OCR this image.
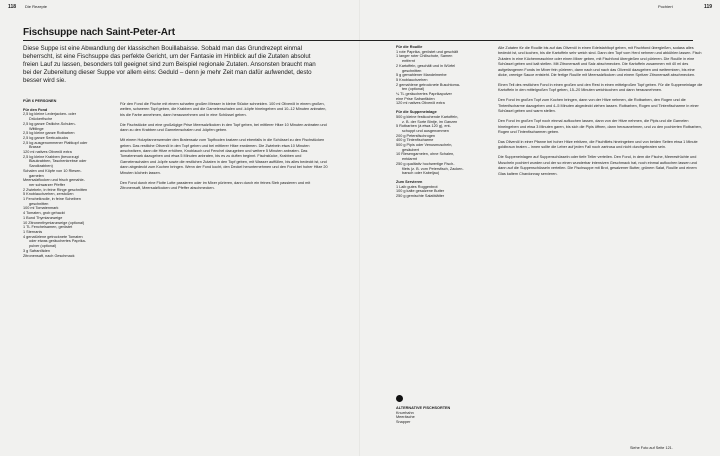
118 Die Rezepte	Pochiert	119
Fischsuppe nach Saint-Peter-Art

Diese Suppe ist eine Abwandlung der klassischen Bouillabaisse. Sobald man das Grundrezept einmal beherrscht, ist eine Fischsuppe das perfekte Gericht, um der Fantasie im Hinblick auf die Zutaten absolut freien Lauf zu lassen, besonders toll geeignet sind zum Beispiel regionale Zutaten. Ansonsten braucht man bei der Zubereitung dieser Suppe vor allem eins: Geduld – denn je mehr Zeit man dafür aufwendet, desto besser wird sie.

FÜR 6 PERSONEN
Für den Fond
2,5 kg kleine Lederjacken- oder
Drückerfische
2,5 kg ganze Östliche-Schulen-
Wittlinge
2,5 kg kleine ganze Rotbarben
2,5 kg ganze Seekuckucks
2,5 kg ausgenommener Plattkopf oder
Brasse
120 ml natives Olivenöl extra
2,5 kg kleine Krabben (bevorzugt
Blaukrabben, Taschenkrebse oder
Sandkrabben)
Schalen und Köpfe von 10 Riesen-
garnelen
Meersalzflocken und frisch gemahle-
ner schwarzer Pfeffer
2 Zwiebeln, in feine Ringe geschnitten
5 Knoblauchzehen, zerstoßen
1 Fenchelknolle, in feine Scheiben
geschnitten
100 ml Tomatenmark
4 Tomaten, grob gehackt
1 Bund Thymianzweige
10 Zitronenthymianzweige (optional)
1 TL Fenchelsamen, geröstet
1 Sternanis
4 genatürlene getrocknete Tomaten
oder etwas geräuchertes Paprika-
pulver (optional)
3 g Safranfäden
Zitronensaft, nach Geschmack

Für den Fond die Fische mit einem scharfen großen Messer in kleine Stücke schneiden. 100 ml Olivenöl in einem großen, weiten, schweren Topf geben, die Krabben und die Garnelenschalen und -köpfe hineingeben und 10–12 Minuten anbraten, bis die Farbe annehmen, dann herausnehmen und in eine Schüssel geben.

Die Fischstücke und eine großzügige Prise Meersalzflocken in den Topf geben, bei mittlerer Hitze 10 Minuten anbraten und dann zu den Krabben und Garnelenschalen und -köpfen geben.

Mit einem Holzpfannenwender den Bratensatz vom Topfboden kratzen und ebenfalls in die Schüssel zu den Fischstücken geben. Das restliche Olivenöl in den Topf geben und bei mittlerer Hitze erwärmen. Die Zwiebeln etwa 10 Minuten anschwitzen, dann die Hitze erhöhen, Knoblauch und Fenchel dazugeben und weitere 5 Minuten anbraten. Das Tomatenmark dazugeben und etwa 5 Minuten anbraten, bis es zu duften beginnt. Fischstücke, Krabben und Garnelenschalen und -köpfe sowie die restlichen Zutaten in den Topf geben, mit Wasser auffüllen, bis alles bedeckt ist, und dann abgedeckt zum Kochen bringen. Wenn der Fond kocht, den Deckel herunternehmen und den Fond bei hoher Hitze 20 Minuten köcheln lassen.

Den Fond durch eine Flotte Lotte passieren oder im Mixer pürieren, dann durch ein feines Sieb passieren und mit Zitronensaft, Meersalzflocken und Pfeffer abschmecken.

Für die Rouille
1 rote Paprika, geröstet und geschält
1 langer roter Chilischote, Samen
entfernt
2 Kartoffeln, geschält und in Würfel
geschnitten
5 g gemahlener Mandelmerbe
5 Knoblauchzehen
2 gemahlene getrocknete Buschtoma-
ten (optional)
¼ TL geräuchertes Paprikapulver
eine Prise Safranfäden
120 ml natives Olivenöl extra
Für die Suppeneinlage
500 g kleine festkochende Kartoffeln,
z. B. der Sorte Bintje, im Ganzen
5 Rotbarben (à etwa 120 g), ent-
schuppt und ausgenommen
200 g Petersfischrogen
400 g Tintenfischarme
500 g Pipis oder Venusmuscheln,
gesäubert
10 Riesengarnelen, ohne Schalen,
entdarmt
250 g qualitativ hochwertige Fisch-
filets (z. B. vom Petersfisch, Zacken-
barsch oder Kabeljau)
Zum Servieren
1 Laib gutes Roggenbrot
100 g kalte gesalzene Butter
250 g gemischte Salatblätter

Alle Zutaten für die Rouille bis auf das Olivenöl in einen Edelstahltopf geben, mit Fischfond übergießen, sodass alles bedeckt ist, und kochen, bis die Kartoffeln sehr weich sind. Dann den Topf vom Herd nehmen und abkühlen lassen. Fisch Zutaten in eine Küchenmaschine oder einen Mixer geben, mit Fischfond übergießen und pürieren. Die Rouille in eine Schüssel geben und kalt stellen. Mit Zitronensaft und Salz abschmecken. Die Kartoffeln zusammen mit 40 ml des aufgefangenen Fonds im Mixer fein pürieren, dann nach und nach das Olivenöl dazugeben und weitermixen, bis eine dicke, cremige Sauce entsteht. Die fertige Rouille mit Meersalzflocken und einem Spritzer Zitronensaft abschmecken.

Einen Teil des restlichen Fond in einen großen und den Rest in einen mittelgroßen Topf geben. Für die Suppeneinlage die Kartoffeln in den mittelgroßen Topf geben, 15–20 Minuten weichkochen und dann herausnehmen.

Den Fond im großen Topf zum Kochen bringen, dann von der Hitze nehmen, die Rotbarben, den Rogen und die Tintenfischarme dazugeben und 4–5 Minuten abgedeckt ziehen lassen. Rotbarben, Rogen und Tintenfischarme in einer Schüssel geben und warm stellen.

Den Fond im großen Topf noch einmal aufkochen lassen, dann von der Hitze nehmen, die Pipis und die Garnelen hineingeben und etwa 3 Minuten garen, bis sich die Pipis öffnen, dann herausnehmen, und zu den pochierten Rotbarben, Rogen und Tintenfischarmen geben.

Das Olivenöl in einer Pfanne bei hoher Hitze erhitzen, die Fischfilets hineingeben und von beiden Seiten etwa 1 Minute goldbraun braten – innen sollte die Leber auf jeden Fall noch zartrosa und nicht durchgebraten sein.

Die Suppeneinlagen auf Suppenschüsseln oder tiefe Teller verteilen. Den Fond, in dem die Fische, Meeresfrüchte und Muscheln pochiert wurden und der so einen wunderbar intensiven Geschmack hat, noch einmal aufkochen lassen und dann auf die Suppenschüsseln verteilen. Die Fischsuppe mit Brot, gesalzener Butter, grünem Salat, Rouille und einem Glas kaltem Chardonnay servieren.

ALTERNATIVE FISCHSORTEN
Knurrhahn
Meeräsche
Snapper
Siehe Foto auf Seite 121.
